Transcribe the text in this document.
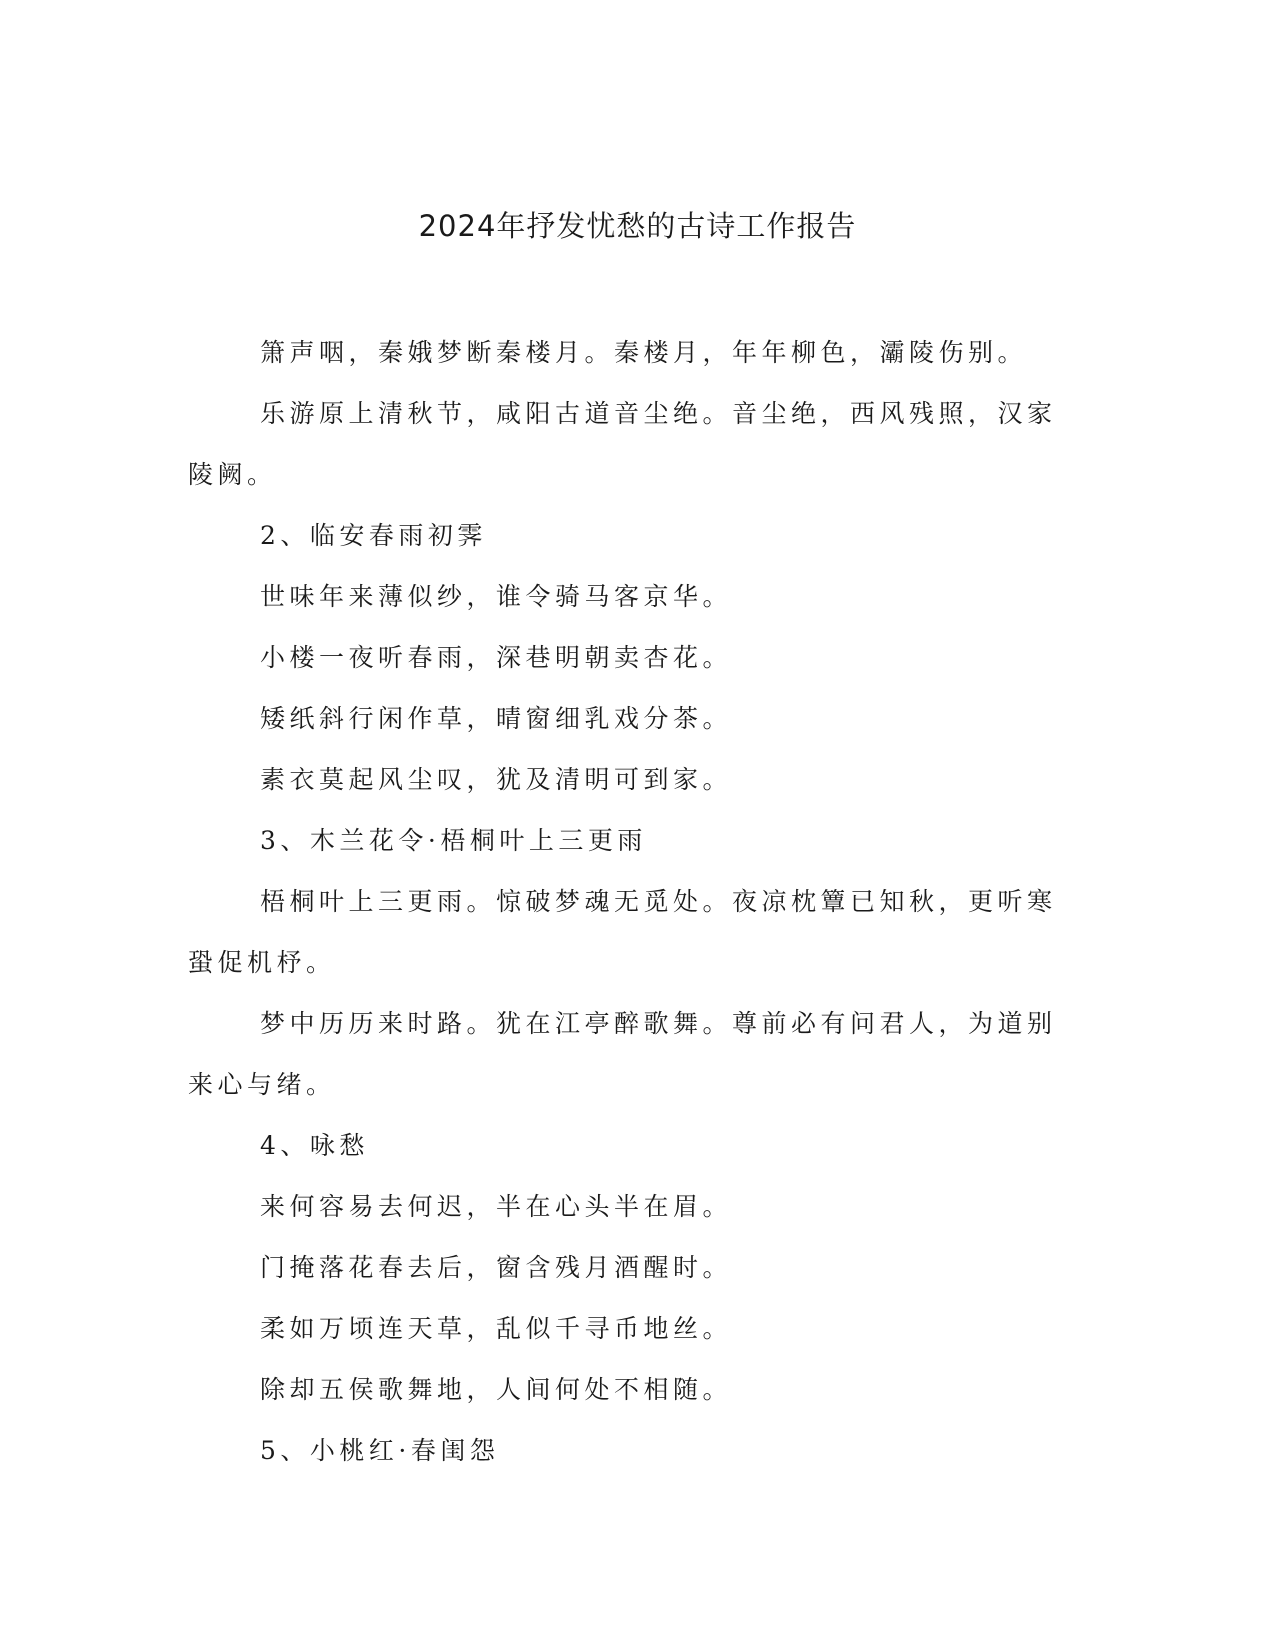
2024年抒发忧愁的古诗工作报告

箫声咽，秦娥梦断秦楼月。秦楼月，年年柳色，灞陵伤别。

乐游原上清秋节，咸阳古道音尘绝。音尘绝，西风残照，汉家陵阙。

2、临安春雨初霁

世味年来薄似纱，谁令骑马客京华。

小楼一夜听春雨，深巷明朝卖杏花。

矮纸斜行闲作草，晴窗细乳戏分茶。

素衣莫起风尘叹，犹及清明可到家。

3、木兰花令·梧桐叶上三更雨

梧桐叶上三更雨。惊破梦魂无觅处。夜凉枕簟已知秋，更听寒蛩促机杼。

梦中历历来时路。犹在江亭醉歌舞。尊前必有问君人，为道别来心与绪。

4、咏愁

来何容易去何迟，半在心头半在眉。

门掩落花春去后，窗含残月酒醒时。

柔如万顷连天草，乱似千寻币地丝。

除却五侯歌舞地，人间何处不相随。

5、小桃红·春闺怨
